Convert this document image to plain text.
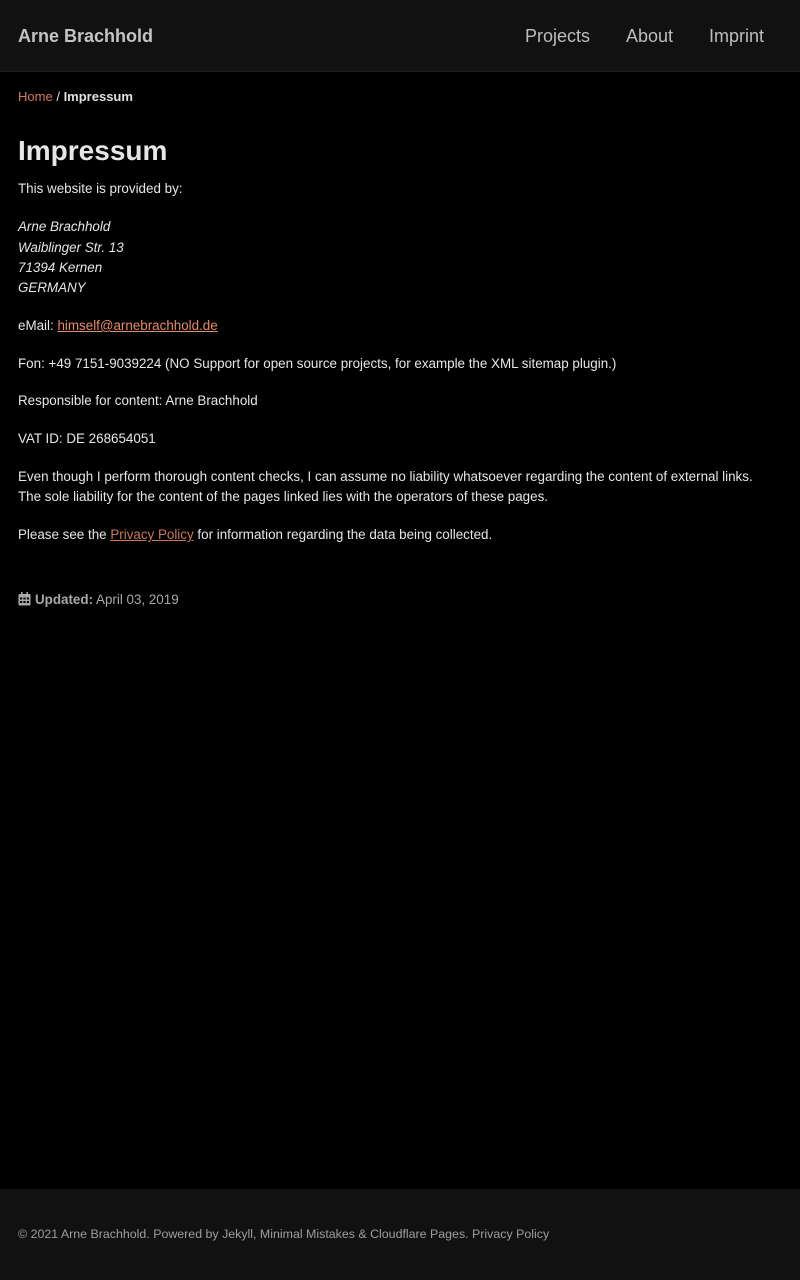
Arne Brachhold	Projects About Imprint
Home / Impressum
Impressum
This website is provided by:
Arne Brachhold
Waiblinger Str. 13
71394 Kernen
GERMANY
eMail: himself@arnebrachhold.de
Fon: +49 7151-9039224 (NO Support for open source projects, for example the XML sitemap plugin.)
Responsible for content: Arne Brachhold
VAT ID: DE 268654051
Even though I perform thorough content checks, I can assume no liability whatsoever regarding the content of external links.
The sole liability for the content of the pages linked lies with the operators of these pages.
Please see the Privacy Policy for information regarding the data being collected.
Updated: April 03, 2019
© 2021 Arne Brachhold. Powered by Jekyll, Minimal Mistakes & Cloudflare Pages. Privacy Policy
